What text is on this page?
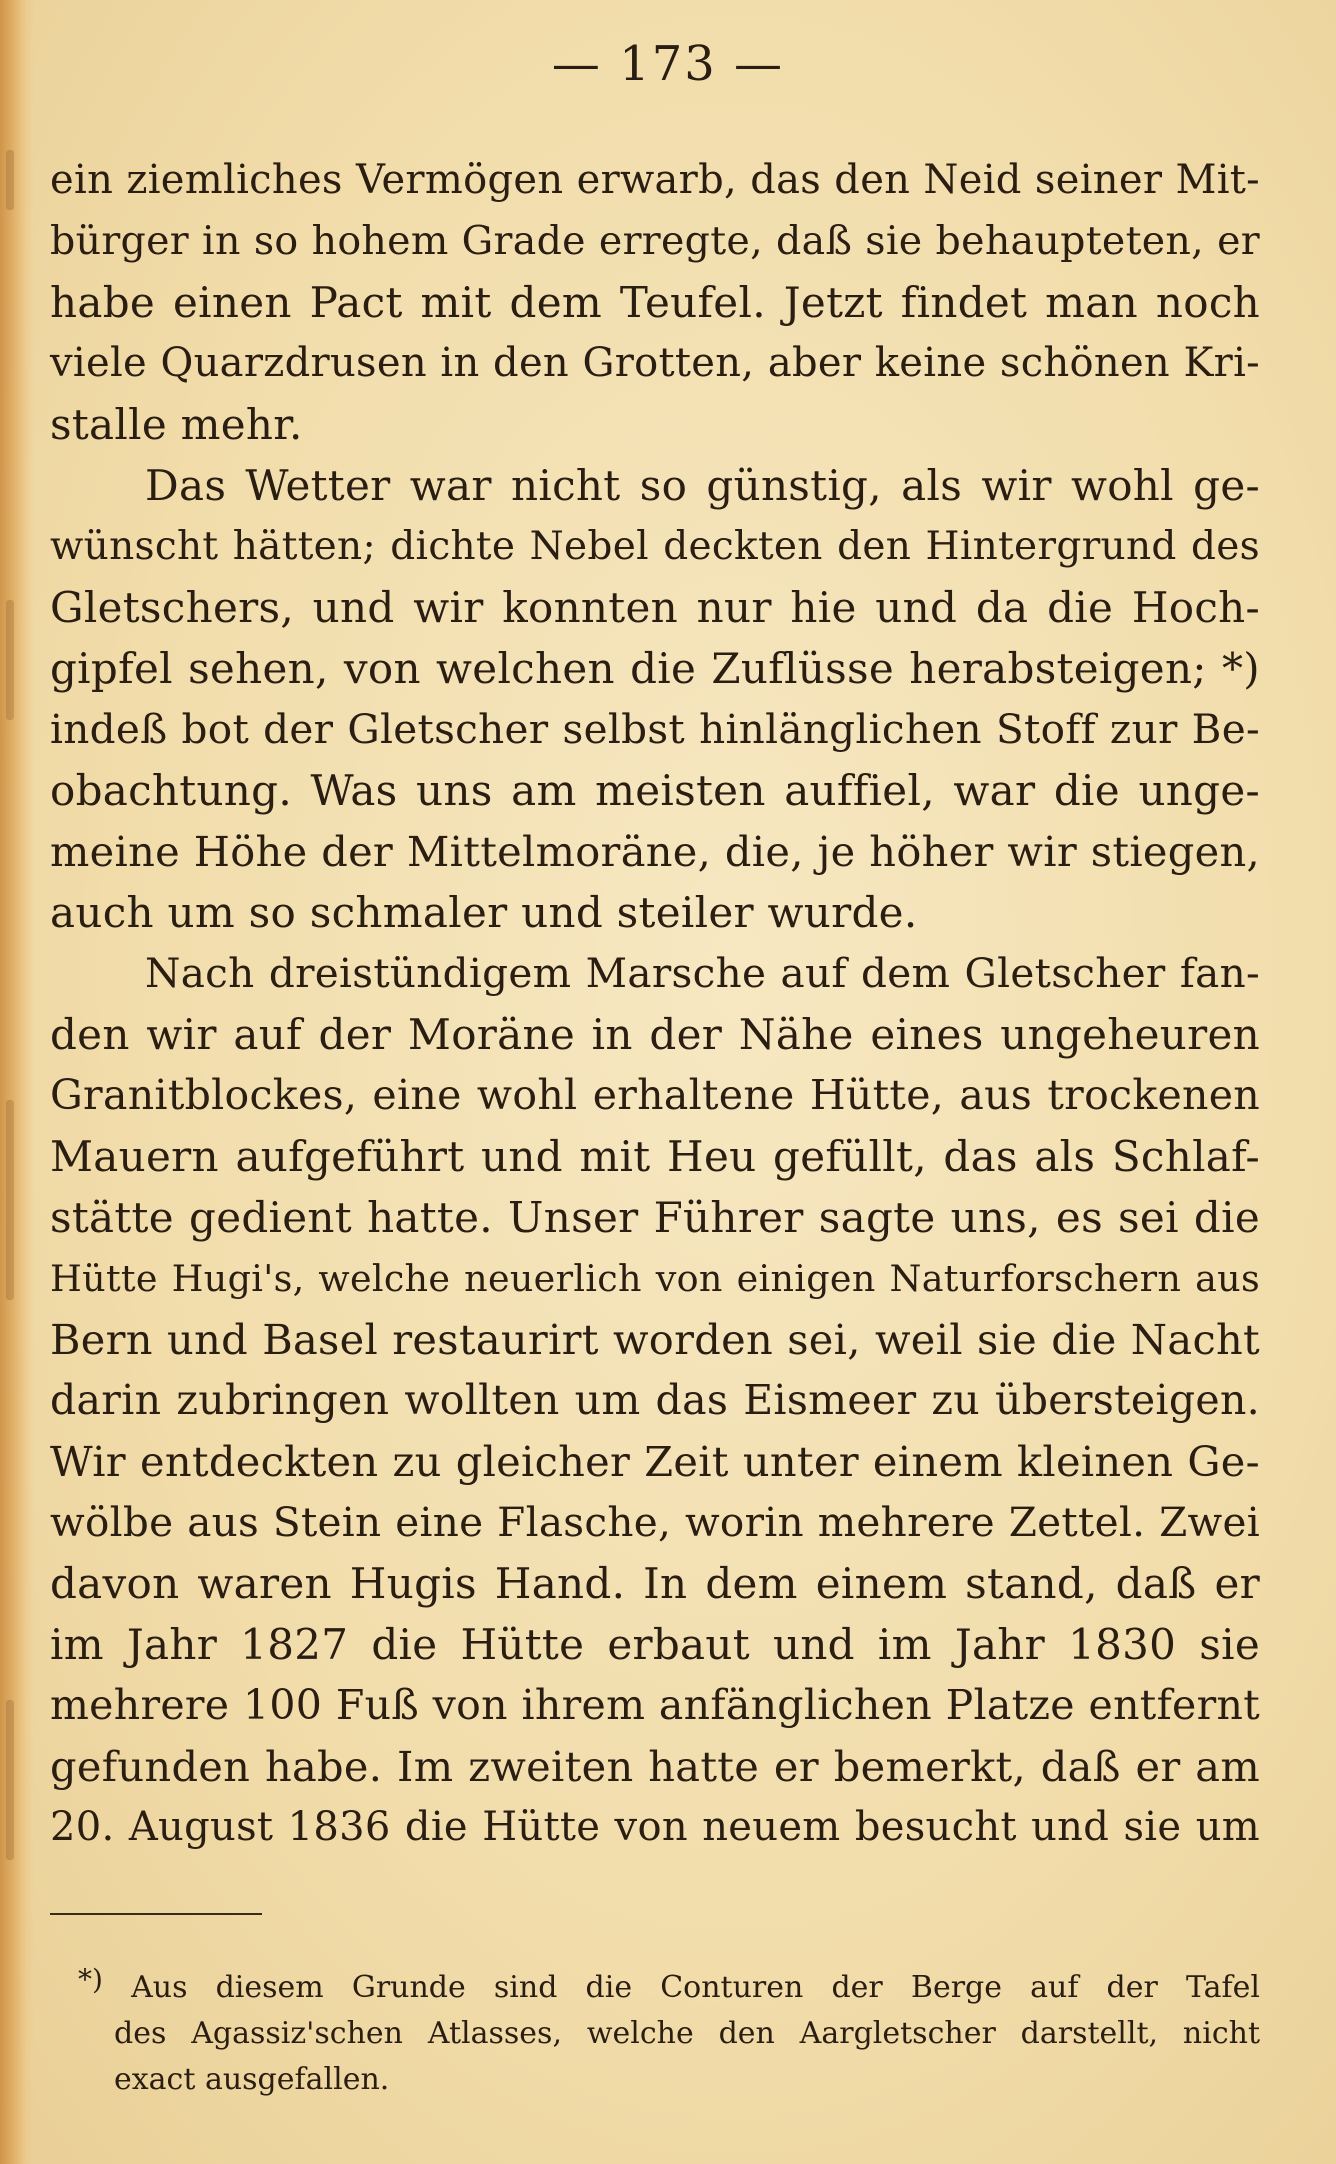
— 173 —
ein ziemliches Vermögen erwarb, das den Neid seiner Mit-
bürger in so hohem Grade erregte, daß sie behaupteten, er
habe einen Pact mit dem Teufel. Jetzt findet man noch
viele Quarzdrusen in den Grotten, aber keine schönen Kri-
stalle mehr.
Das Wetter war nicht so günstig, als wir wohl ge-
wünscht hätten; dichte Nebel deckten den Hintergrund des
Gletschers, und wir konnten nur hie und da die Hoch-
gipfel sehen, von welchen die Zuflüsse herabsteigen; *)
indeß bot der Gletscher selbst hinlänglichen Stoff zur Be-
obachtung. Was uns am meisten auffiel, war die unge-
meine Höhe der Mittelmoräne, die, je höher wir stiegen,
auch um so schmaler und steiler wurde.
Nach dreistündigem Marsche auf dem Gletscher fan-
den wir auf der Moräne in der Nähe eines ungeheuren
Granitblockes, eine wohl erhaltene Hütte, aus trockenen
Mauern aufgeführt und mit Heu gefüllt, das als Schlaf-
stätte gedient hatte. Unser Führer sagte uns, es sei die
Hütte Hugi's, welche neuerlich von einigen Naturforschern aus
Bern und Basel restaurirt worden sei, weil sie die Nacht
darin zubringen wollten um das Eismeer zu übersteigen.
Wir entdeckten zu gleicher Zeit unter einem kleinen Ge-
wölbe aus Stein eine Flasche, worin mehrere Zettel. Zwei
davon waren Hugis Hand. In dem einem stand, daß er
im Jahr 1827 die Hütte erbaut und im Jahr 1830 sie
mehrere 100 Fuß von ihrem anfänglichen Platze entfernt
gefunden habe. Im zweiten hatte er bemerkt, daß er am
20. August 1836 die Hütte von neuem besucht und sie um
*) Aus diesem Grunde sind die Conturen der Berge auf der Tafel
des Agassiz'schen Atlasses, welche den Aargletscher darstellt, nicht
exact ausgefallen.
